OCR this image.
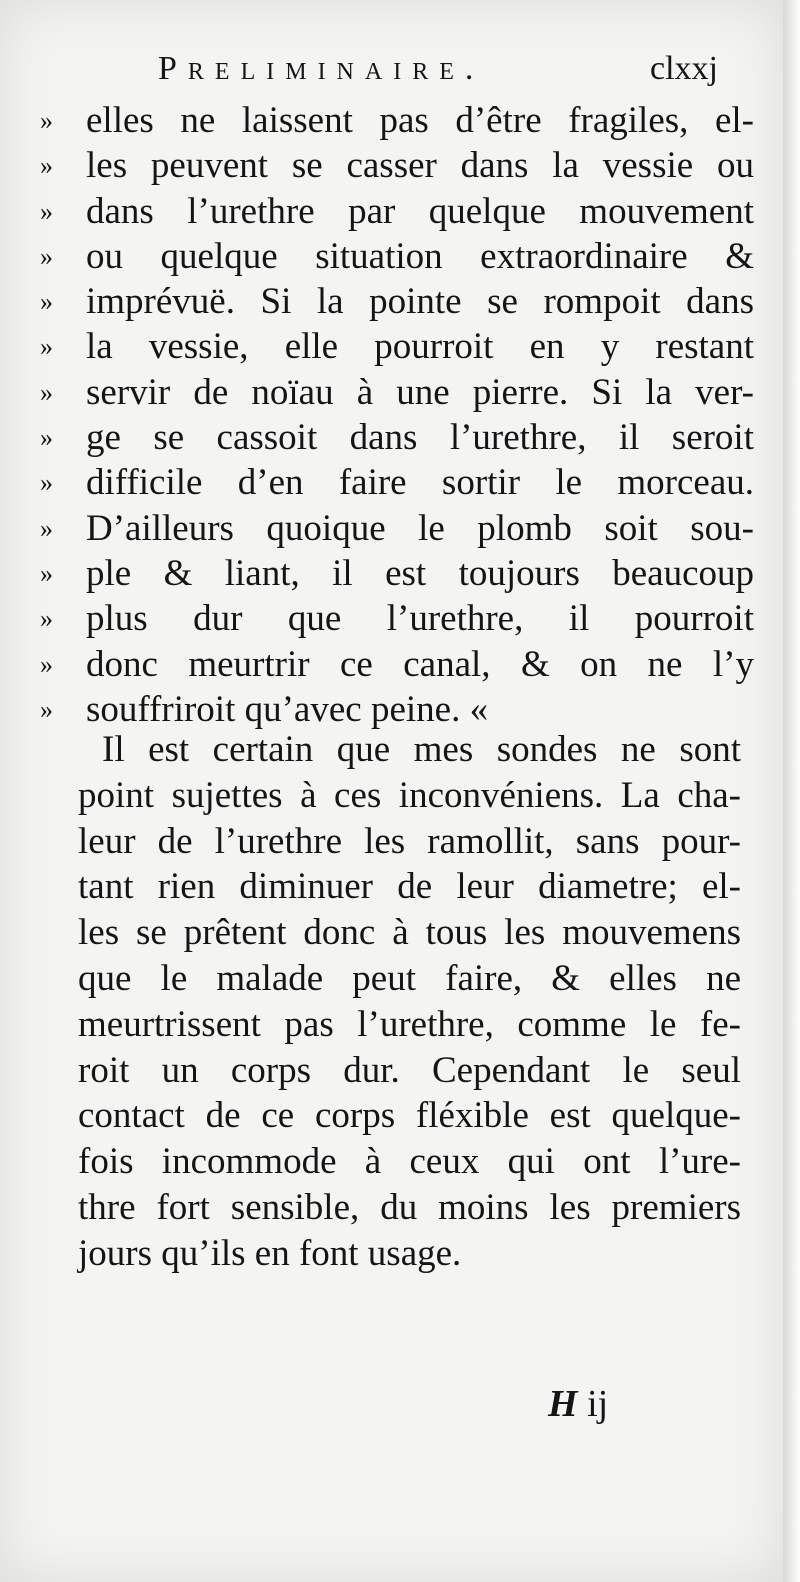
Preliminaire.	clxxj
» elles ne laissent pas d’être fragiles, el-
» les peuvent se casser dans la vessie ou
» dans l’urethre par quelque mouvement
» ou quelque situation extraordinaire &
» imprévuë. Si la pointe se rompoit dans
» la vessie, elle pourroit en y restant
» servir de noïau à une pierre. Si la ver-
» ge se cassoit dans l’urethre, il seroit
» difficile d’en faire sortir le morceau.
» D’ailleurs quoique le plomb soit sou-
» ple & liant, il est toujours beaucoup
» plus dur que l’urethre, il pourroit
» donc meurtrir ce canal, & on ne l’y
» souffriroit qu’avec peine. «
Il est certain que mes sondes ne sont
point sujettes à ces inconvéniens. La cha-
leur de l’urethre les ramollit, sans pour-
tant rien diminuer de leur diametre; el-
les se prêtent donc à tous les mouvemens
que le malade peut faire, & elles ne
meurtrissent pas l’urethre, comme le fe-
roit un corps dur. Cependant le seul
contact de ce corps fléxible est quelque-
fois incommode à ceux qui ont l’ure-
thre fort sensible, du moins les premiers
jours qu’ils en font usage.
H ij
